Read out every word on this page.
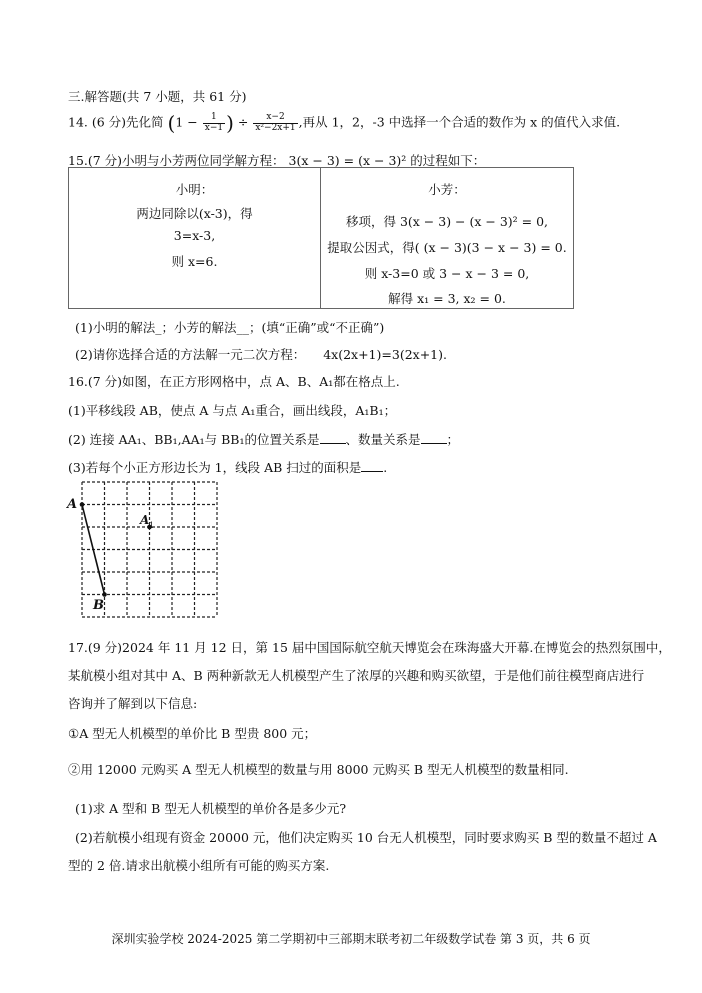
三.解答题(共 7 小题，共 61 分)
14. (6 分)先化简 ($1 - \frac{1}{x-1}$ ) ÷ $\frac{x-2}{\text{x²−2x+1}}$ ,再从 1，2，-3 中选择一个合适的数作为 x 的值代入求值.
15.(7 分)小明与小芳两位同学解方程： 3(x − 3) = (x − 3)² 的过程如下：
小明：
两边同除以(x-3)，得
3=x-3,
则 x=6.
小芳：
移项，得 3(x − 3) − (x − 3)² = 0,
提取公因式，得( (x − 3)(3 − x − 3) = 0.
则 x-3=0 或 3 − x − 3 = 0,
解得 x₁ = 3, x₂ = 0.
(1)小明的解法_；小芳的解法__；(填“正确”或“不正确”)
(2)请你选择合适的方法解一元二次方程： 4x(2x+1)=3(2x+1).
16.(7 分)如图，在正方形网格中，点 A、B、A₁都在格点上.
(1)平移线段 AB，使点 A 与点 A₁重合，画出线段，A₁B₁；
(2) 连接 AA₁、BB₁,AA₁与 BB₁的位置关系是 、数量关系是 ；
(3)若每个小正方形边长为 1，线段 AB 扫过的面积是 .
A
A 1
B
17.(9 分)2024 年 11 月 12 日，第 15 届中国国际航空航天博览会在珠海盛大开幕.在博览会的热烈氛围中，
某航模小组对其中 A、B 两种新款无人机模型产生了浓厚的兴趣和购买欲望，于是他们前往模型商店进行
咨询并了解到以下信息:
①A 型无人机模型的单价比 B 型贵 800 元；
②用 12000 元购买 A 型无人机模型的数量与用 8000 元购买 B 型无人机模型的数量相同.
(1)求 A 型和 B 型无人机模型的单价各是多少元?
(2)若航模小组现有资金 20000 元，他们决定购买 10 台无人机模型，同时要求购买 B 型的数量不超过 A
型的 2 倍.请求出航模小组所有可能的购买方案.
深圳实验学校 2024-2025 第二学期初中三部期末联考初二年级数学试卷 第 3 页，共 6 页
